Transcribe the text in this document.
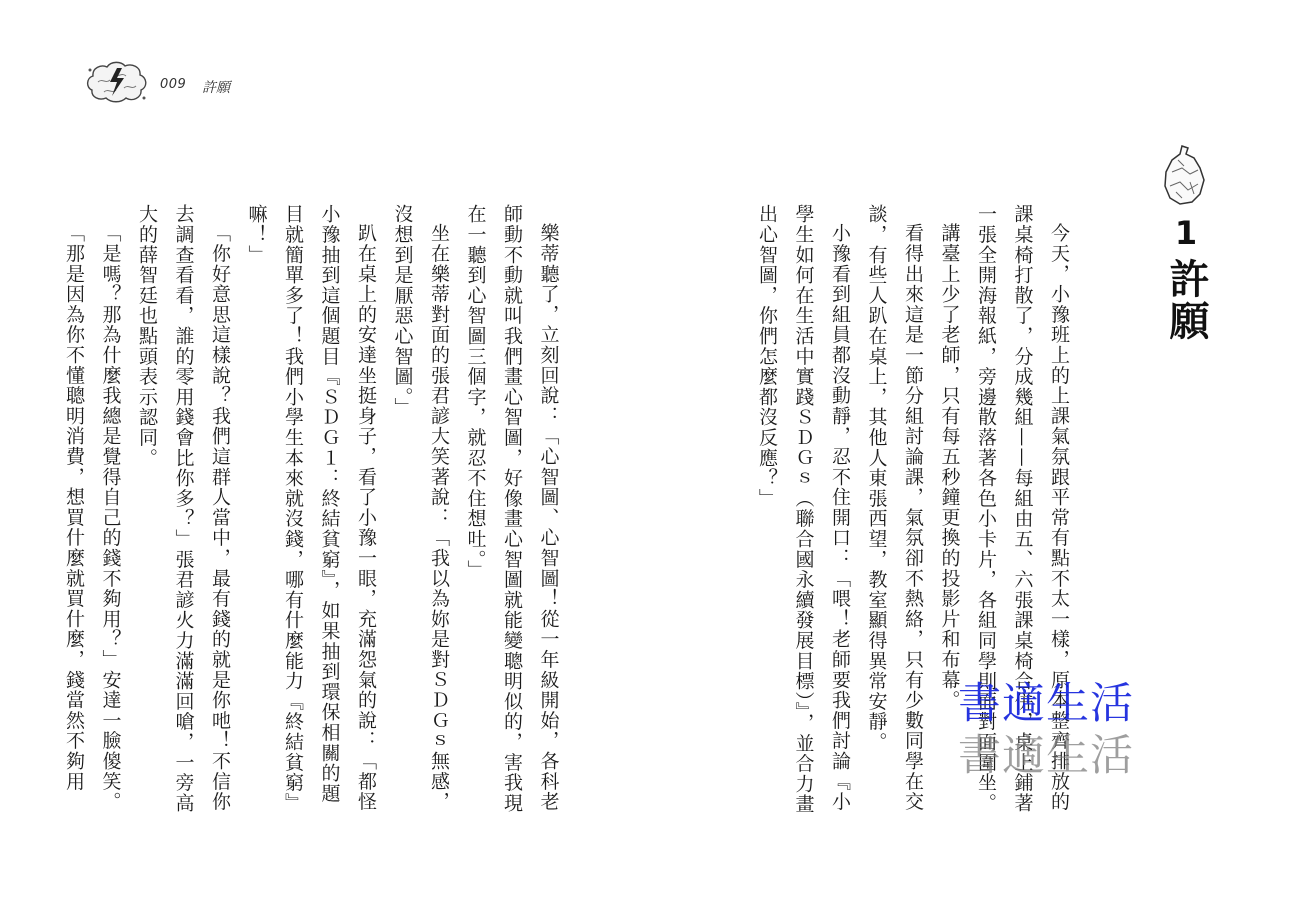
009 許願
1
許願

今天，小豫班上的上課氣氛跟平常有點不太一樣，原本整齊排放的課桌椅打散了，分成幾組——每組由五、六張課桌椅合併，桌上鋪著一張全開海報紙，旁邊散落著各色小卡片，各組同學則面對面圍坐。

講臺上少了老師，只有每五秒鐘更換的投影片和布幕。

看得出來這是一節分組討論課，氣氛卻不熱絡，只有少數同學在交談，有些人趴在桌上，其他人東張西望，教室顯得異常安靜。

小豫看到組員都沒動靜，忍不住開口：「喂！老師要我們討論『小學生如何在生活中實踐ＳＤＧｓ（聯合國永續發展目標）』，並合力畫出心智圖，你們怎麼都沒反應？」

樂蒂聽了，立刻回說：「心智圖、心智圖！從一年級開始，各科老師動不動就叫我們畫心智圖，好像畫心智圖就能變聰明似的，害我現在一聽到心智圖三個字，就忍不住想吐。」

坐在樂蒂對面的張君諺大笑著說：「我以為妳是對ＳＤＧｓ無感，沒想到是厭惡心智圖。」

趴在桌上的安達坐挺身子，看了小豫一眼，充滿怨氣的說：「都怪小豫抽到這個題目『ＳＤＧ１：終結貧窮』，如果抽到環保相關的題目就簡單多了！我們小學生本來就沒錢，哪有什麼能力『終結貧窮』嘛！」

「你好意思這樣說？我們這群人當中，最有錢的就是你吔！不信你去調查看看，誰的零用錢會比你多？」張君諺火力滿滿回嗆，一旁高大的薛智廷也點頭表示認同。

「是嗎？那為什麼我總是覺得自己的錢不夠用？」安達一臉傻笑。

「那是因為你不懂聰明消費，想買什麼就買什麼，錢當然不夠用	書適生活
書適生活
